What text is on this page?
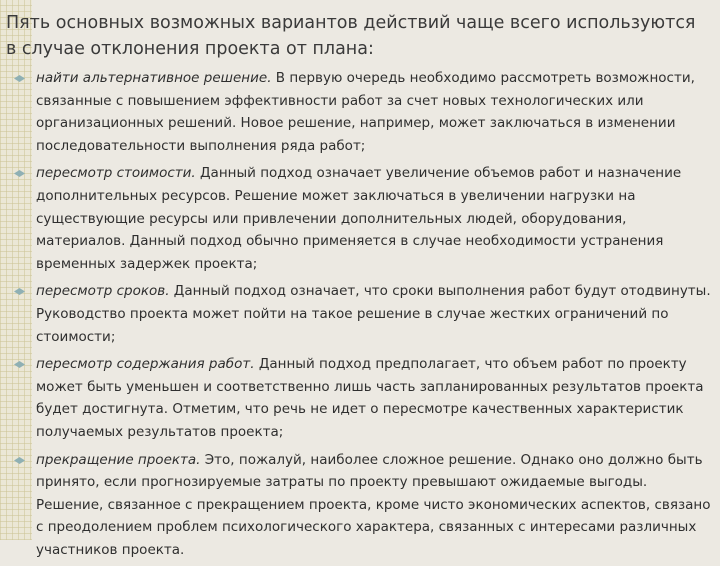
Пять основных возможных вариантов действий чаще всего используются в случае отклонения проекта от плана:
найти альтернативное решение. В первую очередь необходимо рассмотреть возможности, связанные с повышением эффективности работ за счет новых технологических или организационных решений. Новое решение, например, может заключаться в изменении последовательности выполнения ряда работ;
пересмотр стоимости. Данный подход означает увеличение объемов работ и назначение дополнительных ресурсов. Решение может заключаться в увеличении нагрузки на существующие ресурсы или привлечении дополнительных людей, оборудования, материалов. Данный подход обычно применяется в случае необходимости устранения временных задержек проекта;
пересмотр сроков. Данный подход означает, что сроки выполнения работ будут отодвинуты. Руководство проекта может пойти на такое решение в случае жестких ограничений по стоимости;
пересмотр содержания работ. Данный подход предполагает, что объем работ по проекту может быть уменьшен и соответственно лишь часть запланированных результатов проекта будет достигнута. Отметим, что речь не идет о пересмотре качественных характеристик получаемых результатов проекта;
прекращение проекта. Это, пожалуй, наиболее сложное решение. Однако оно должно быть принято, если прогнозируемые затраты по проекту превышают ожидаемые выгоды. Решение, связанное с прекращением проекта, кроме чисто экономических аспектов, связано с преодолением проблем психологического характера, связанных с интересами различных участников проекта.
